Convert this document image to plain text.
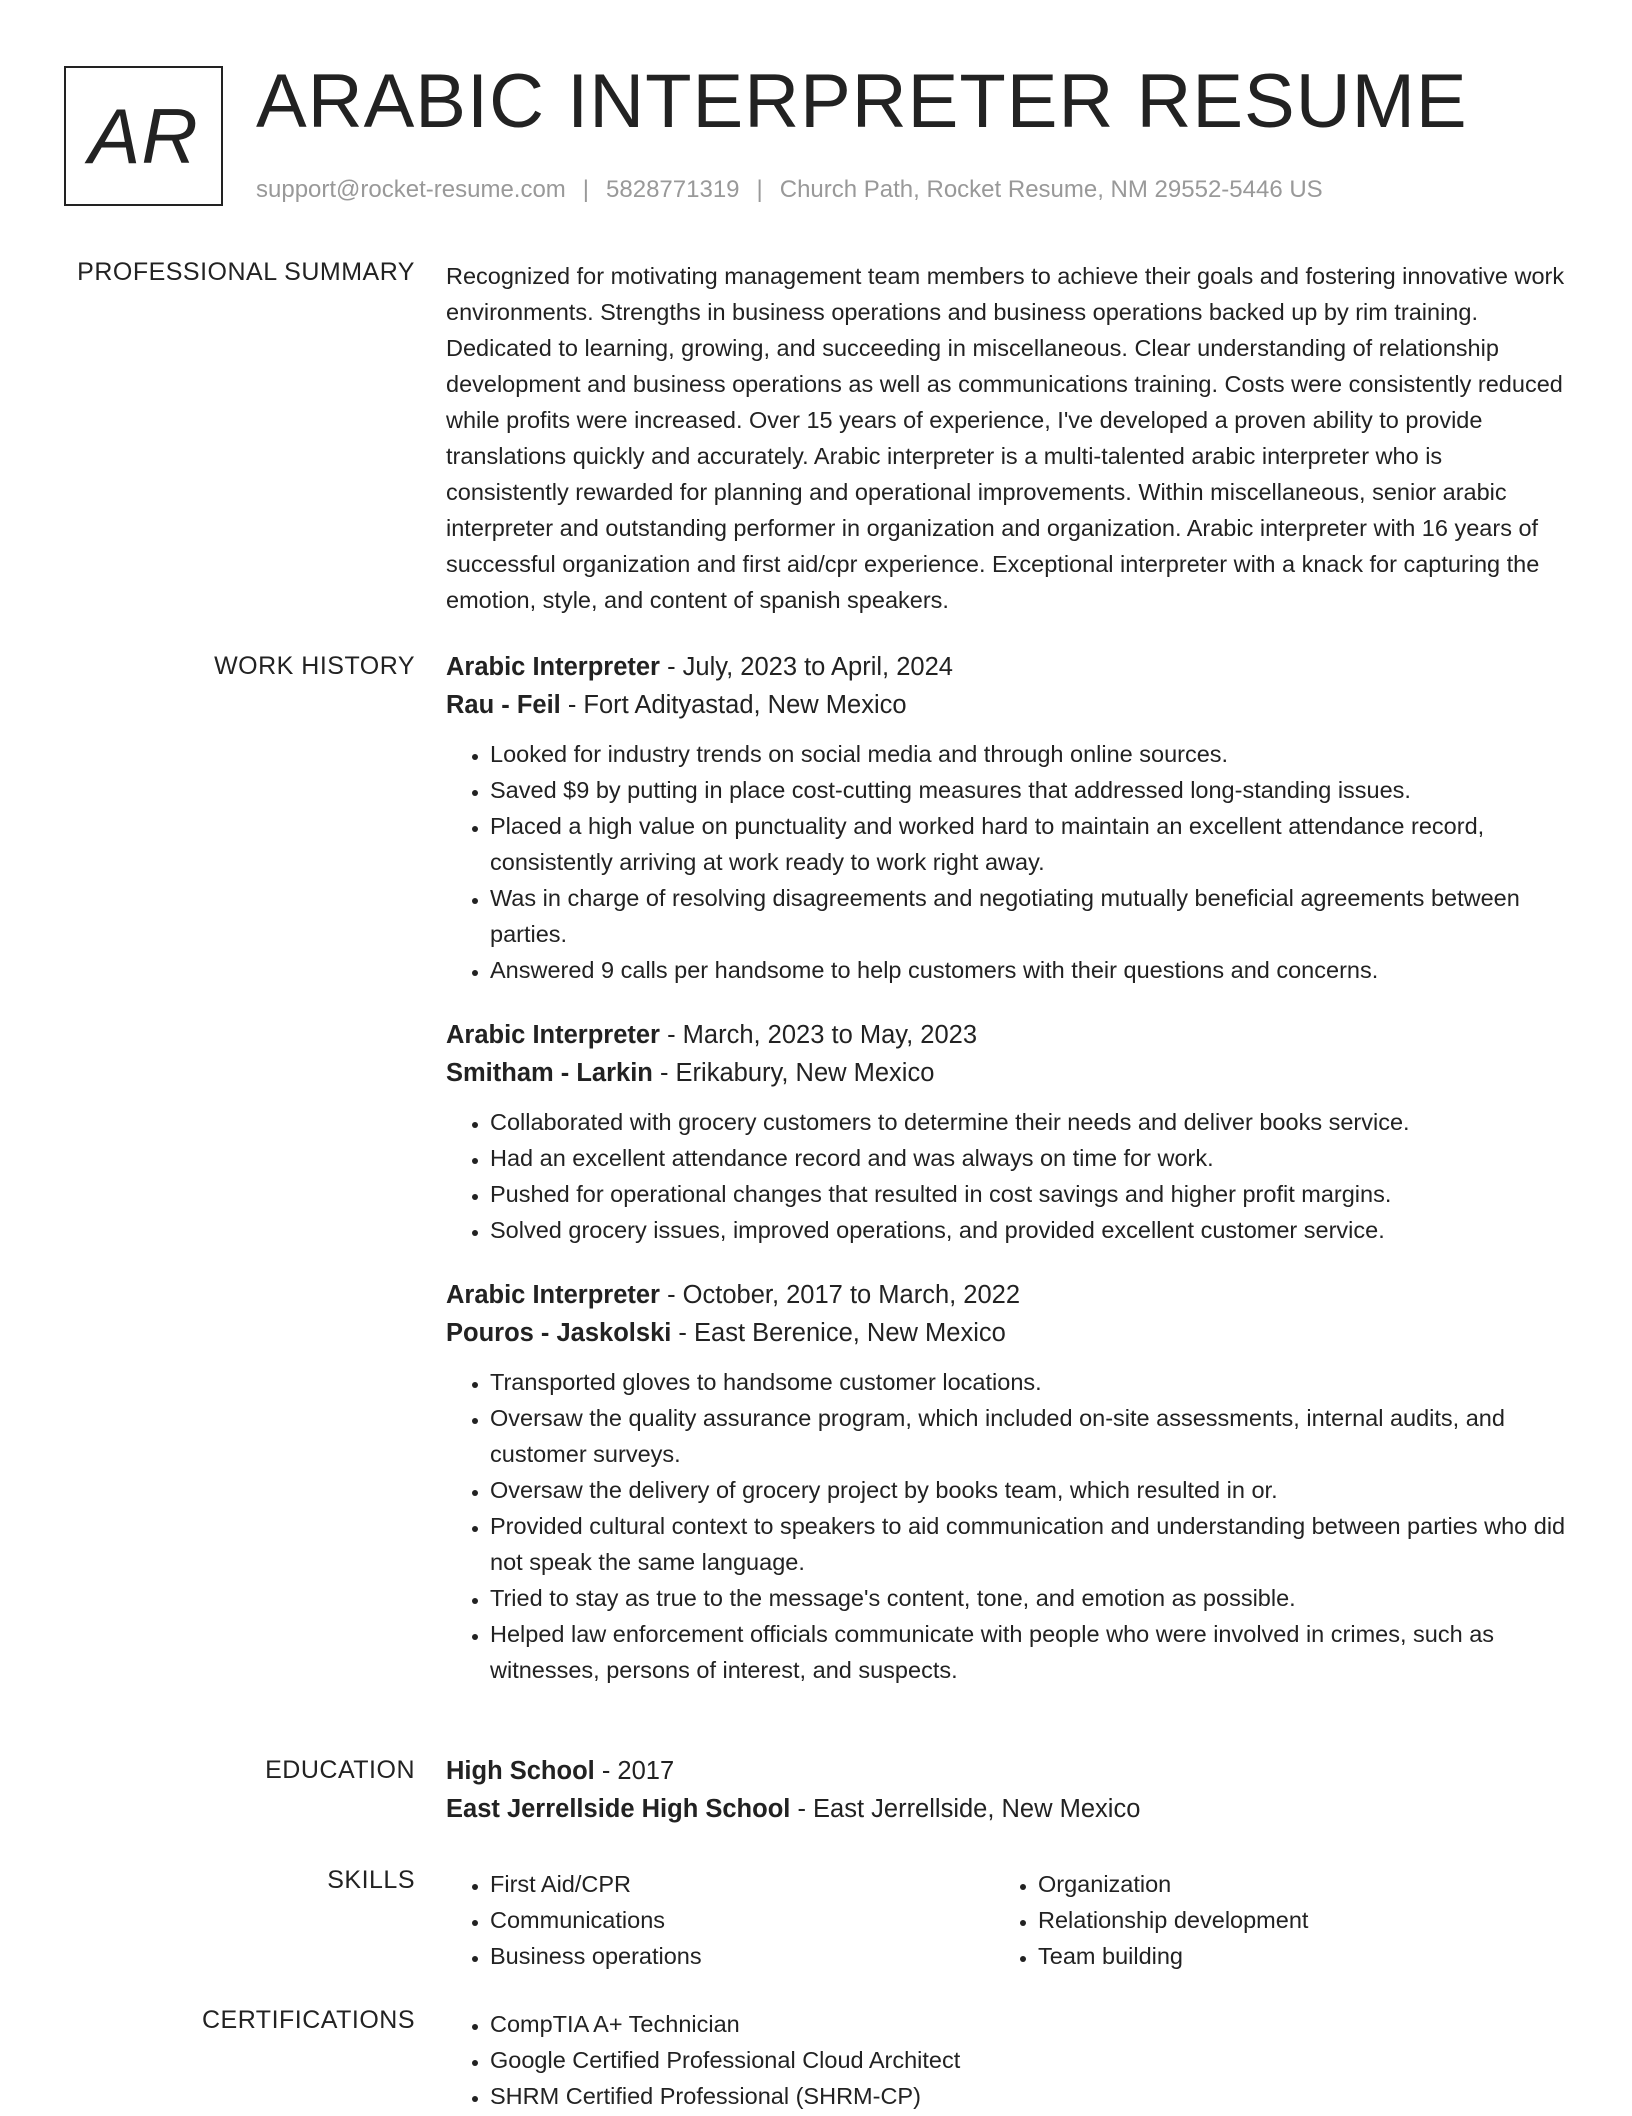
AR ARABIC INTERPRETER RESUME
support@rocket-resume.com | 5828771319 | Church Path, Rocket Resume, NM 29552-5446 US
PROFESSIONAL SUMMARY Recognized for motivating management team members to achieve their goals and fostering innovative work environments. Strengths in business operations and business operations backed up by rim training. Dedicated to learning, growing, and succeeding in miscellaneous. Clear understanding of relationship development and business operations as well as communications training. Costs were consistently reduced while profits were increased. Over 15 years of experience, I've developed a proven ability to provide translations quickly and accurately. Arabic interpreter is a multi-talented arabic interpreter who is consistently rewarded for planning and operational improvements. Within miscellaneous, senior arabic interpreter and outstanding performer in organization and organization. Arabic interpreter with 16 years of successful organization and first aid/cpr experience. Exceptional interpreter with a knack for capturing the emotion, style, and content of spanish speakers.

WORK HISTORY Arabic Interpreter - July, 2023 to April, 2024

Rau - Feil - Fort Adityastad, New Mexico

• Looked for industry trends on social media and through online sources.
• Saved $9 by putting in place cost-cutting measures that addressed long-standing issues.
• Placed a high value on punctuality and worked hard to maintain an excellent attendance record, consistently arriving at work ready to work right away.
• Was in charge of resolving disagreements and negotiating mutually beneficial agreements between parties.
• Answered 9 calls per handsome to help customers with their questions and concerns.

Arabic Interpreter - March, 2023 to May, 2023

Smitham - Larkin - Erikabury, New Mexico

• Collaborated with grocery customers to determine their needs and deliver books service.
• Had an excellent attendance record and was always on time for work.
• Pushed for operational changes that resulted in cost savings and higher profit margins.
• Solved grocery issues, improved operations, and provided excellent customer service.

Arabic Interpreter - October, 2017 to March, 2022

Pouros - Jaskolski - East Berenice, New Mexico

• Transported gloves to handsome customer locations.
• Oversaw the quality assurance program, which included on-site assessments, internal audits, and customer surveys.
• Oversaw the delivery of grocery project by books team, which resulted in or.
• Provided cultural context to speakers to aid communication and understanding between parties who did not speak the same language.
• Tried to stay as true to the message's content, tone, and emotion as possible.
• Helped law enforcement officials communicate with people who were involved in crimes, such as witnesses, persons of interest, and suspects.
EDUCATION High School - 2017

East Jerrellside High School - East Jerrellside, New Mexico

SKILLS	• First Aid/CPR
• Communications
• Business operations
• Organization
• Relationship development
• Team building
CERTIFICATIONS	• CompTIA A+ Technician
• Google Certified Professional Cloud Architect
• SHRM Certified Professional (SHRM-CP)
